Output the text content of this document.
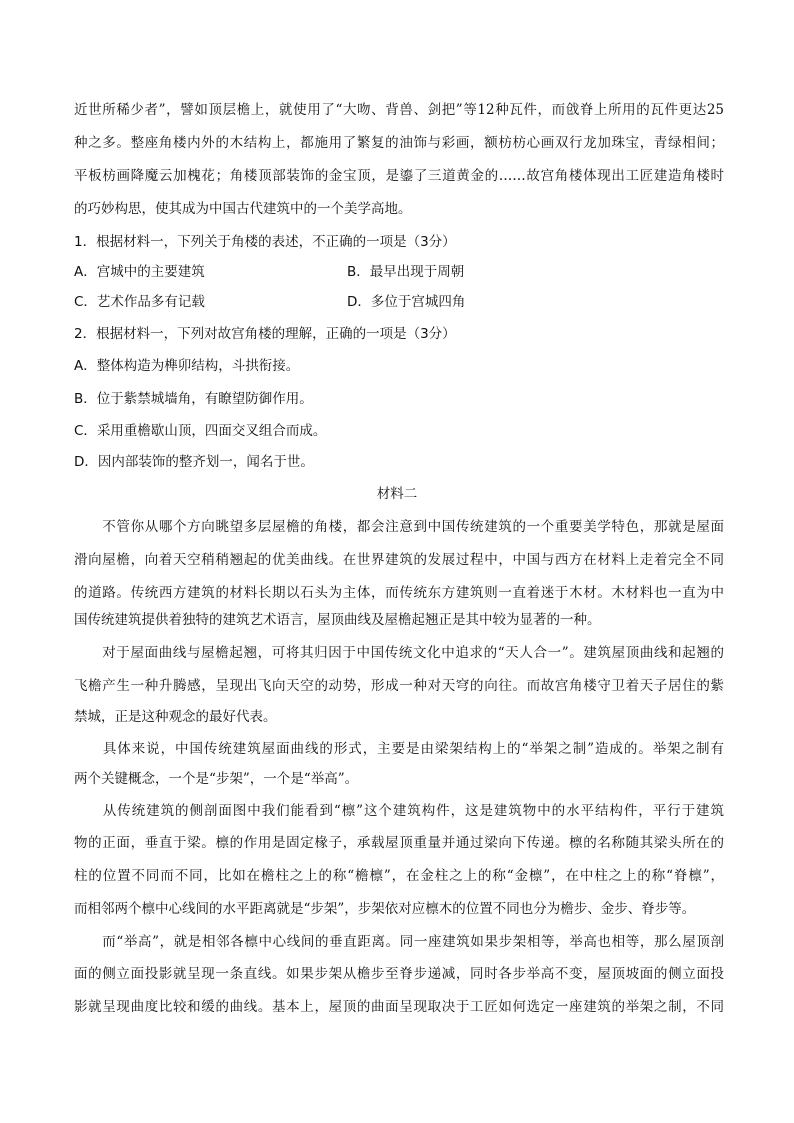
近世所稀少者”，譬如顶层檐上，就使用了“大吻、背兽、剑把”等12种瓦件，而戗脊上所用的瓦件更达25

种之多。整座角楼内外的木结构上，都施用了繁复的油饰与彩画，额枋枋心画双行龙加珠宝，青绿相间；

平板枋画降魔云加槐花；角楼顶部装饰的金宝顶，是鎏了三道黄金的……故宫角楼体现出工匠建造角楼时

的巧妙构思，使其成为中国古代建筑中的一个美学高地。

1．根据材料一，下列关于角楼的表述，不正确的一项是（3分）

A．宫城中的主要建筑	B．最早出现于周朝

C．艺术作品多有记载	D．多位于宫城四角

2．根据材料一，下列对故宫角楼的理解，正确的一项是（3分）

A．整体构造为榫卯结构，斗拱衔接。

B．位于紫禁城墙角，有瞭望防御作用。

C．采用重檐歇山顶，四面交叉组合而成。

D．因内部装饰的整齐划一，闻名于世。

材料二

　　不管你从哪个方向眺望多层屋檐的角楼，都会注意到中国传统建筑的一个重要美学特色，那就是屋面

滑向屋檐，向着天空稍稍翘起的优美曲线。在世界建筑的发展过程中，中国与西方在材料上走着完全不同

的道路。传统西方建筑的材料长期以石头为主体，而传统东方建筑则一直着迷于木材。木材料也一直为中

国传统建筑提供着独特的建筑艺术语言，屋顶曲线及屋檐起翘正是其中较为显著的一种。

　　对于屋面曲线与屋檐起翘，可将其归因于中国传统文化中追求的“天人合一”。建筑屋顶曲线和起翘的

飞檐产生一种升腾感，呈现出飞向天空的动势，形成一种对天穹的向往。而故宫角楼守卫着天子居住的紫

禁城，正是这种观念的最好代表。

　　具体来说，中国传统建筑屋面曲线的形式，主要是由梁架结构上的“举架之制”造成的。举架之制有

两个关键概念，一个是“步架”，一个是“举高”。

　　从传统建筑的侧剖面图中我们能看到“檩”这个建筑构件，这是建筑物中的水平结构件，平行于建筑

物的正面，垂直于梁。檩的作用是固定椽子，承载屋顶重量并通过梁向下传递。檩的名称随其梁头所在的

柱的位置不同而不同，比如在檐柱之上的称“檐檩”，在金柱之上的称“金檩”，在中柱之上的称“脊檩”，

而相邻两个檩中心线间的水平距离就是“步架”，步架依对应檩木的位置不同也分为檐步、金步、脊步等。

　　而“举高”，就是相邻各檩中心线间的垂直距离。同一座建筑如果步架相等，举高也相等，那么屋顶剖

面的侧立面投影就呈现一条直线。如果步架从檐步至脊步递减，同时各步举高不变，屋顶坡面的侧立面投

影就呈现曲度比较和缓的曲线。基本上，屋顶的曲面呈现取决于工匠如何选定一座建筑的举架之制，不同
